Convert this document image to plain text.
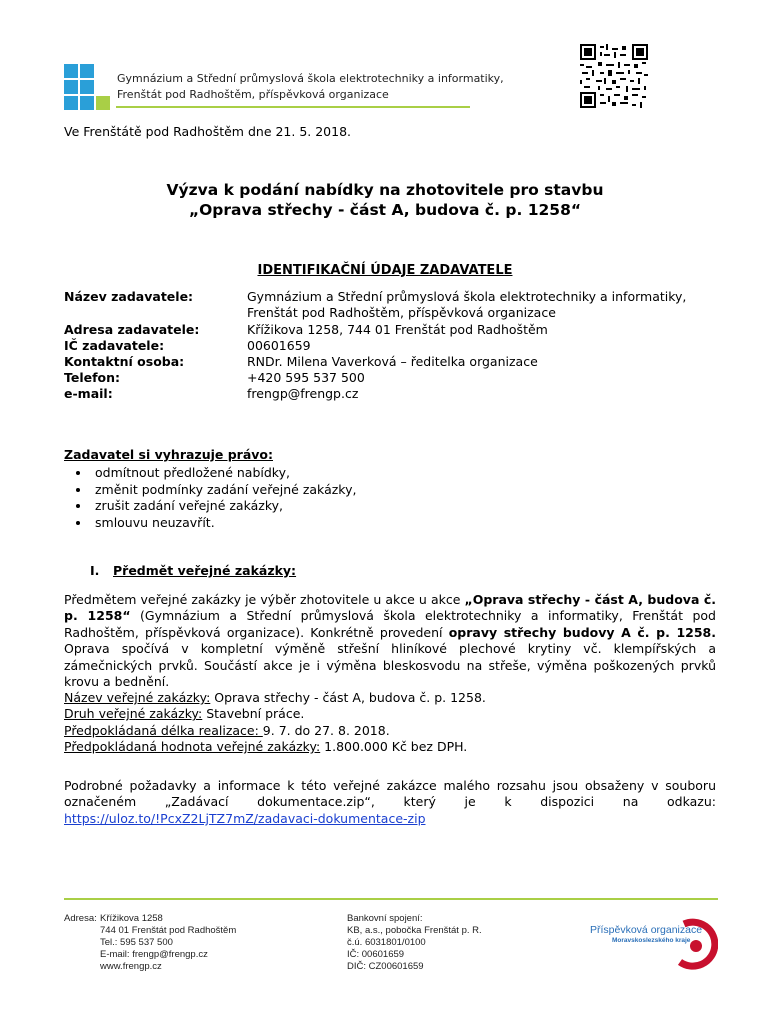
Gymnázium a Střední průmyslová škola elektrotechniky a informatiky,
Frenštát pod Radhoštěm, příspěvková organizace
Ve Frenštátě pod Radhoštěm dne 21. 5. 2018.
Výzva k podání nabídky na zhotovitele pro stavbu
„Oprava střechy - část A, budova č. p. 1258“
IDENTIFIKAČNÍ ÚDAJE ZADAVATELE
Název zadavatele:	Gymnázium a Střední průmyslová škola elektrotechniky a informatiky,
Frenštát pod Radhoštěm, příspěvková organizace
Adresa zadavatele:	Křížikova 1258, 744 01 Frenštát pod Radhoštěm
IČ zadavatele:	00601659
Kontaktní osoba:	RNDr. Milena Vaverková – ředitelka organizace
Telefon:	+420 595 537 500
e-mail:	frengp@frengp.cz
Zadavatel si vyhrazuje právo:
• odmítnout předložené nabídky,
• změnit podmínky zadání veřejné zakázky,
• zrušit zadání veřejné zakázky,
• smlouvu neuzavřít.
I. Předmět veřejné zakázky:
Předmětem veřejné zakázky je výběr zhotovitele u akce u akce „Oprava střechy - část A, budova č. p. 1258“ (Gymnázium a Střední průmyslová škola elektrotechniky a informatiky, Frenštát pod Radhoštěm, příspěvková organizace). Konkrétně provedení opravy střechy budovy A č. p. 1258. Oprava spočívá v kompletní výměně střešní hliníkové plechové krytiny vč. klempířských a zámečnických prvků. Součástí akce je i výměna bleskosvodu na střeše, výměna poškozených prvků krovu a bednění.
Název veřejné zakázky: Oprava střechy - část A, budova č. p. 1258.
Druh veřejné zakázky: Stavební práce.
Předpokládaná délka realizace: 9. 7. do 27. 8. 2018.
Předpokládaná hodnota veřejné zakázky: 1.800.000 Kč bez DPH.
Podrobné požadavky a informace k této veřejné zakázce malého rozsahu jsou obsaženy v souboru označeném „Zadávací dokumentace.zip“, který je k dispozici na odkazu:
https://uloz.to/!PcxZ2LjTZ7mZ/zadavaci-dokumentace-zip
Adresa: Křížikova 1258
744 01 Frenštát pod Radhoštěm
Tel.: 595 537 500
E-mail: frengp@frengp.cz
www.frengp.cz
Bankovní spojení:
KB, a.s., pobočka Frenštát p. R.
č.ú. 6031801/0100
IČ: 00601659
DIČ: CZ00601659
Příspěvková organizace
Moravskoslezského kraje
